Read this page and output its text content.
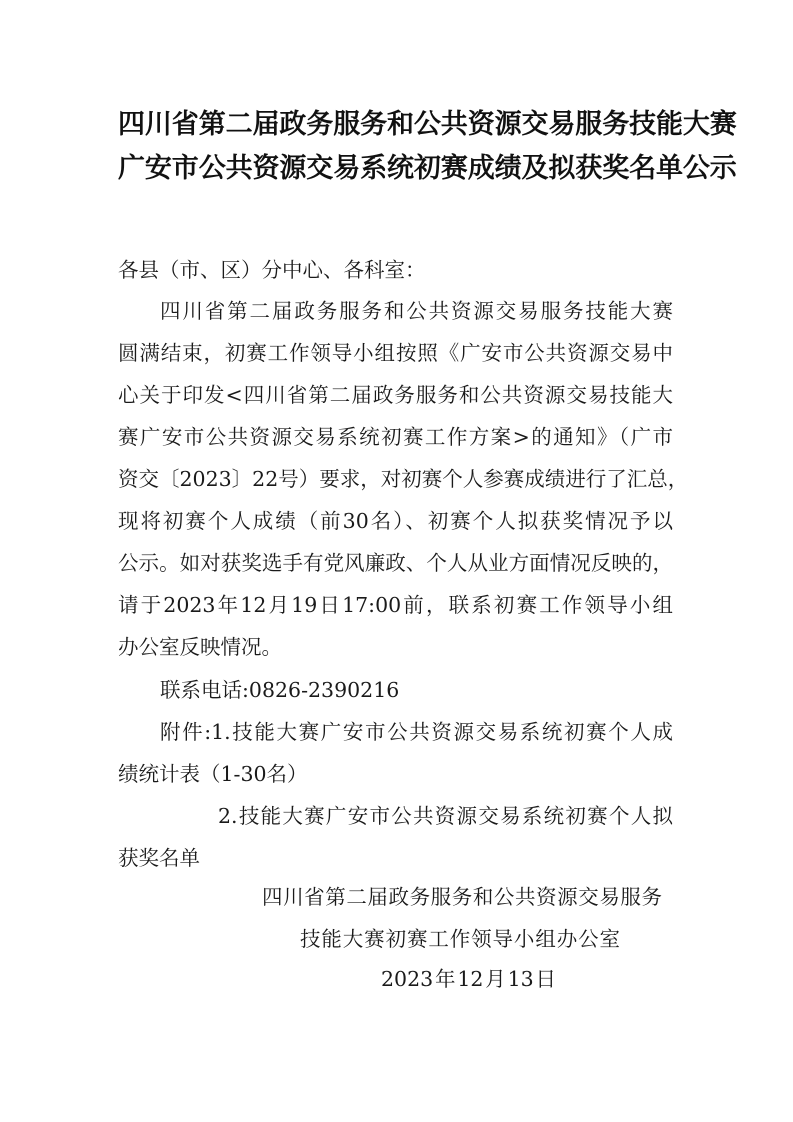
四川省第二届政务服务和公共资源交易服务技能大赛
广安市公共资源交易系统初赛成绩及拟获奖名单公示
各县（市、区）分中心、各科室：
四川省第二届政务服务和公共资源交易服务技能大赛
圆满结束，初赛工作领导小组按照《广安市公共资源交易中
心关于印发<四川省第二届政务服务和公共资源交易技能大
赛广安市公共资源交易系统初赛工作方案>的通知》（广市
资交〔2023〕22号）要求，对初赛个人参赛成绩进行了汇总，
现将初赛个人成绩（前30名）、初赛个人拟获奖情况予以
公示。如对获奖选手有党风廉政、个人从业方面情况反映的，
请于2023年12月19日17:00前，联系初赛工作领导小组
办公室反映情况。
联系电话:0826-2390216
附件:1.技能大赛广安市公共资源交易系统初赛个人成
绩统计表（1-30名）
2.技能大赛广安市公共资源交易系统初赛个人拟
获奖名单
四川省第二届政务服务和公共资源交易服务
技能大赛初赛工作领导小组办公室
2023年12月13日
